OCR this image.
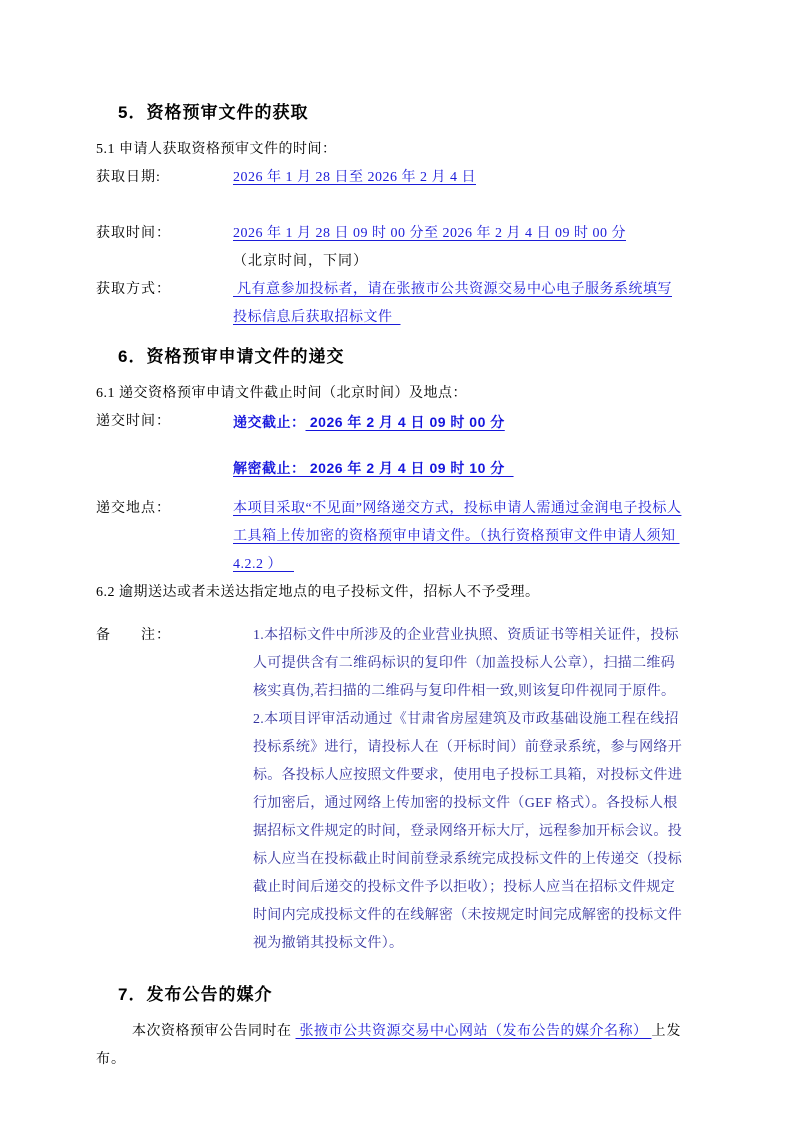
5．资格预审文件的获取

5.1 申请人获取资格预审文件的时间：

获取日期:	2026 年 1 月 28 日至 2026 年 2 月 4 日
获取时间：	2026 年 1 月 28 日 09 时 00 分至 2026 年 2 月 4 日 09 时 00 分
（北京时间，下同）
获取方式：	凡有意参加投标者，请在张掖市公共资源交易中心电子服务系统填写投标信息后获取招标文件
6．资格预审申请文件的递交

6.1 递交资格预审申请文件截止时间（北京时间）及地点：

递交时间：	递交截止： 2026 年 2 月 4 日 09 时 00 分
解密截止： 2026 年 2 月 4 日 09 时 10 分
递交地点：	本项目采取“不见面”网络递交方式，投标申请人需通过金润电子投标人工具箱上传加密的资格预审申请文件。（执行资格预审文件申请人须知 4.2.2 ）

6.2 逾期送达或者未送达指定地点的电子投标文件，招标人不予受理。

备　　注：	1.本招标文件中所涉及的企业营业执照、资质证书等相关证件，投标人可提供含有二维码标识的复印件（加盖投标人公章），扫描二维码核实真伪,若扫描的二维码与复印件相一致,则该复印件视同于原件。

2.本项目评审活动通过《甘肃省房屋建筑及市政基础设施工程在线招投标系统》进行，请投标人在（开标时间）前登录系统，参与网络开标。各投标人应按照文件要求，使用电子投标工具箱，对投标文件进行加密后，通过网络上传加密的投标文件（GEF 格式）。各投标人根据招标文件规定的时间，登录网络开标大厅，远程参加开标会议。投标人应当在投标截止时间前登录系统完成投标文件的上传递交（投标截止时间后递交的投标文件予以拒收）；投标人应当在招标文件规定时间内完成投标文件的在线解密（未按规定时间完成解密的投标文件视为撤销其投标文件）。

7．发布公告的媒介

本次资格预审公告同时在  张掖市公共资源交易中心网站（发布公告的媒介名称） 上发布。
